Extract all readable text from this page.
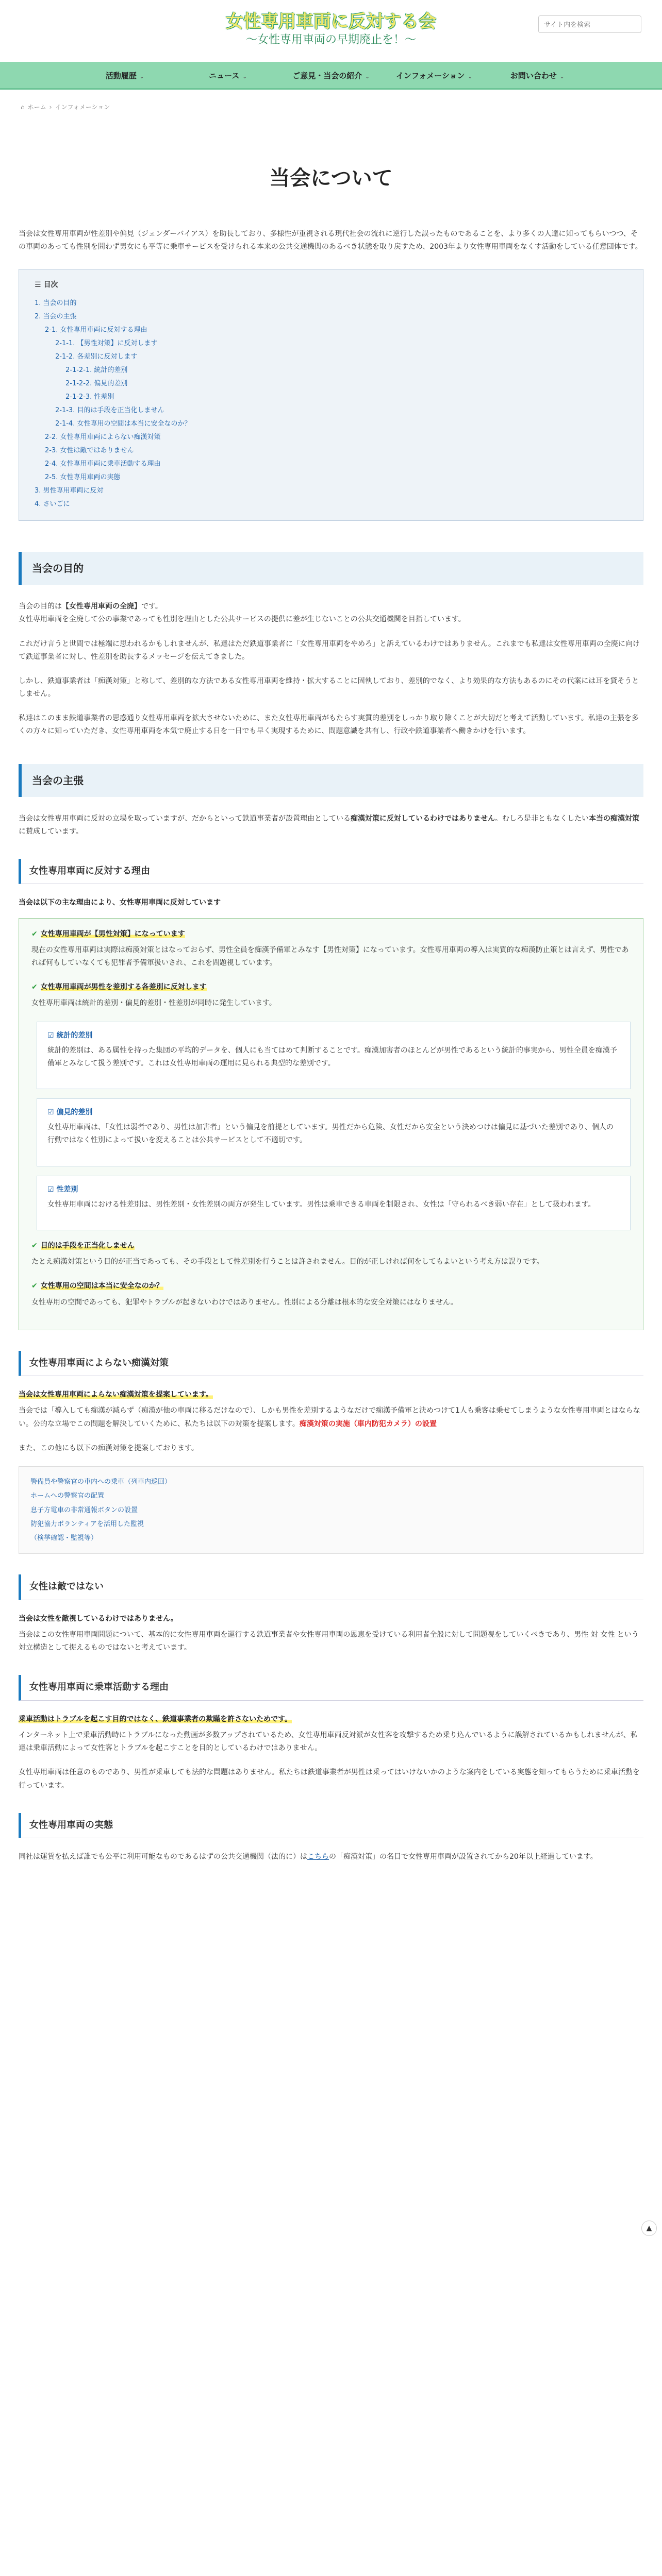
女性専用車両に反対する会
～女性専用車両の早期廃止を！～
サイト内を検索
活動履歴 ⌄	ニュース ⌄	ご意見・当会の紹介 ⌄	インフォメーション ⌄	お問い合わせ ⌄
⌂ ホーム › インフォメーション
当会について

当会は女性専用車両が性差別や偏見（ジェンダーバイアス）を助長しており、多様性が重視される現代社会の流れに逆行した誤ったものであることを、より多くの人達に知ってもらいつつ、その車両のあっても性別を問わず男女にも平等に乗車サービスを受けられる本来の公共交通機関のあるべき状態を取り戻すため、2003年より女性専用車両をなくす活動をしている任意団体です。

☰ 目次
1. 当会の目的
2. 当会の主張
2-1. 女性専用車両に反対する理由
2-1-1. 【男性対策】に反対します
2-1-2. 各差別に反対します
2-1-2-1. 統計的差別
2-1-2-2. 偏見的差別
2-1-2-3. 性差別
2-1-3. 目的は手段を正当化しません
2-1-4. 女性専用の空間は本当に安全なのか？
2-2. 女性専用車両によらない痴漢対策
2-3. 女性は敵ではありません
2-4. 女性専用車両に乗車活動する理由
2-5. 女性専用車両の実態
3. 男性専用車両に反対
4. さいごに
当会の目的

当会の目的は【女性専用車両の全廃】です。
女性専用車両を全廃して公の事業であっても性別を理由とした公共サービスの提供に差が生じないことの公共交通機関を目指しています。

これだけ言うと世間では極端に思われるかもしれませんが、私達はただ鉄道事業者に「女性専用車両をやめろ」と訴えているわけではありません。これまでも私達は女性専用車両の全廃に向けて鉄道事業者に対し、性差別を助長するメッセージを伝えてきました。

しかし、鉄道事業者は「痴漢対策」と称して、差別的な方法である女性専用車両を維持・拡大することに固執しており、差別的でなく、より効果的な方法もあるのにその代案には耳を貸そうとしません。

私達はこのまま鉄道事業者の思惑通り女性専用車両を拡大させないために、また女性専用車両がもたらす実質的差別をしっかり取り除くことが大切だと考えて活動しています。私達の主張を多くの方々に知っていただき、女性専用車両を本気で廃止する日を一日でも早く実現するために、問題意識を共有し、行政や鉄道事業者へ働きかけを行います。

当会の主張

当会は女性専用車両に反対の立場を取っていますが、だからといって鉄道事業者が設置理由としている痴漢対策に反対しているわけではありません。むしろ是非ともなくしたい本当の痴漢対策に賛成しています。

女性専用車両に反対する理由
当会は以下の主な理由により、女性専用車両に反対しています
✔ 女性専用車両が【男性対策】になっています

現在の女性専用車両は実際は痴漢対策とはなっておらず、男性全員を痴漢予備軍とみなす【男性対策】になっています。女性専用車両の導入は実質的な痴漢防止策とは言えず、男性であれば何もしていなくても犯罪者予備軍扱いされ、これを問題視しています。

✔ 女性専用車両が男性を差別する各差別に反対します

女性専用車両は統計的差別・偏見的差別・性差別が同時に発生しています。

☑ 統計的差別

統計的差別は、ある属性を持った集団の平均的データを、個人にも当てはめて判断することです。痴漢加害者のほとんどが男性であるという統計的事実から、男性全員を痴漢予備軍とみなして扱う差別です。これは女性専用車両の運用に見られる典型的な差別です。

☑ 偏見的差別

女性専用車両は、「女性は弱者であり、男性は加害者」という偏見を前提としています。男性だから危険、女性だから安全という決めつけは偏見に基づいた差別であり、個人の行動ではなく性別によって扱いを変えることは公共サービスとして不適切です。

☑ 性差別

女性専用車両における性差別は、男性差別・女性差別の両方が発生しています。男性は乗車できる車両を制限され、女性は「守られるべき弱い存在」として扱われます。

✔ 目的は手段を正当化しません

たとえ痴漢対策という目的が正当であっても、その手段として性差別を行うことは許されません。目的が正しければ何をしてもよいという考え方は誤りです。

✔ 女性専用の空間は本当に安全なのか？

女性専用の空間であっても、犯罪やトラブルが起きないわけではありません。性別による分離は根本的な安全対策にはなりません。

女性専用車両によらない痴漢対策
当会は女性専用車両によらない痴漢対策を提案しています。

当会では「導入しても痴漢が減らず（痴漢が他の車両に移るだけなので）、しかも男性を差別するようなだけで痴漢予備軍と決めつけて1人も乗客は乗せてしまうような女性専用車両とはならない。公的な立場でこの問題を解決していくために、私たちは以下の対策を提案します。痴漢対策の実施（車内防犯カメラ）の設置

また、この他にも以下の痴漢対策を提案しております。

警備員や警察官の車内への乗車（列車内巡回）
ホームへの警察官の配置
息子方電車の非常通報ボタンの設置
防犯協力ボランティアを活用した監視
（検挙確認・監視等）
女性は敵ではない
当会は女性を敵視しているわけではありません。

当会はこの女性専用車両問題について、基本的に女性専用車両を運行する鉄道事業者や女性専用車両の恩恵を受けている利用者全般に対して問題視をしていくべきであり、男性 対 女性 という対立構造として捉えるものではないと考えています。

女性専用車両に乗車活動する理由
乗車活動はトラブルを起こす目的ではなく、鉄道事業者の欺瞞を許さないためです。

インターネット上で乗車活動時にトラブルになった動画が多数アップされているため、女性専用車両反対派が女性客を攻撃するため乗り込んでいるように誤解されているかもしれませんが、私達は乗車活動によって女性客とトラブルを起こすことを目的としているわけではありません。

女性専用車両は任意のものであり、男性が乗車しても法的な問題はありません。私たちは鉄道事業者が男性は乗ってはいけないかのような案内をしている実態を知ってもらうために乗車活動を行っています。

女性専用車両の実態

同社は運賃を払えば誰でも公平に利用可能なものであるはずの公共交通機関（法的に）はこちらの「痴漢対策」の名目で女性専用車両が設置されてから20年以上経過しています。

▲
